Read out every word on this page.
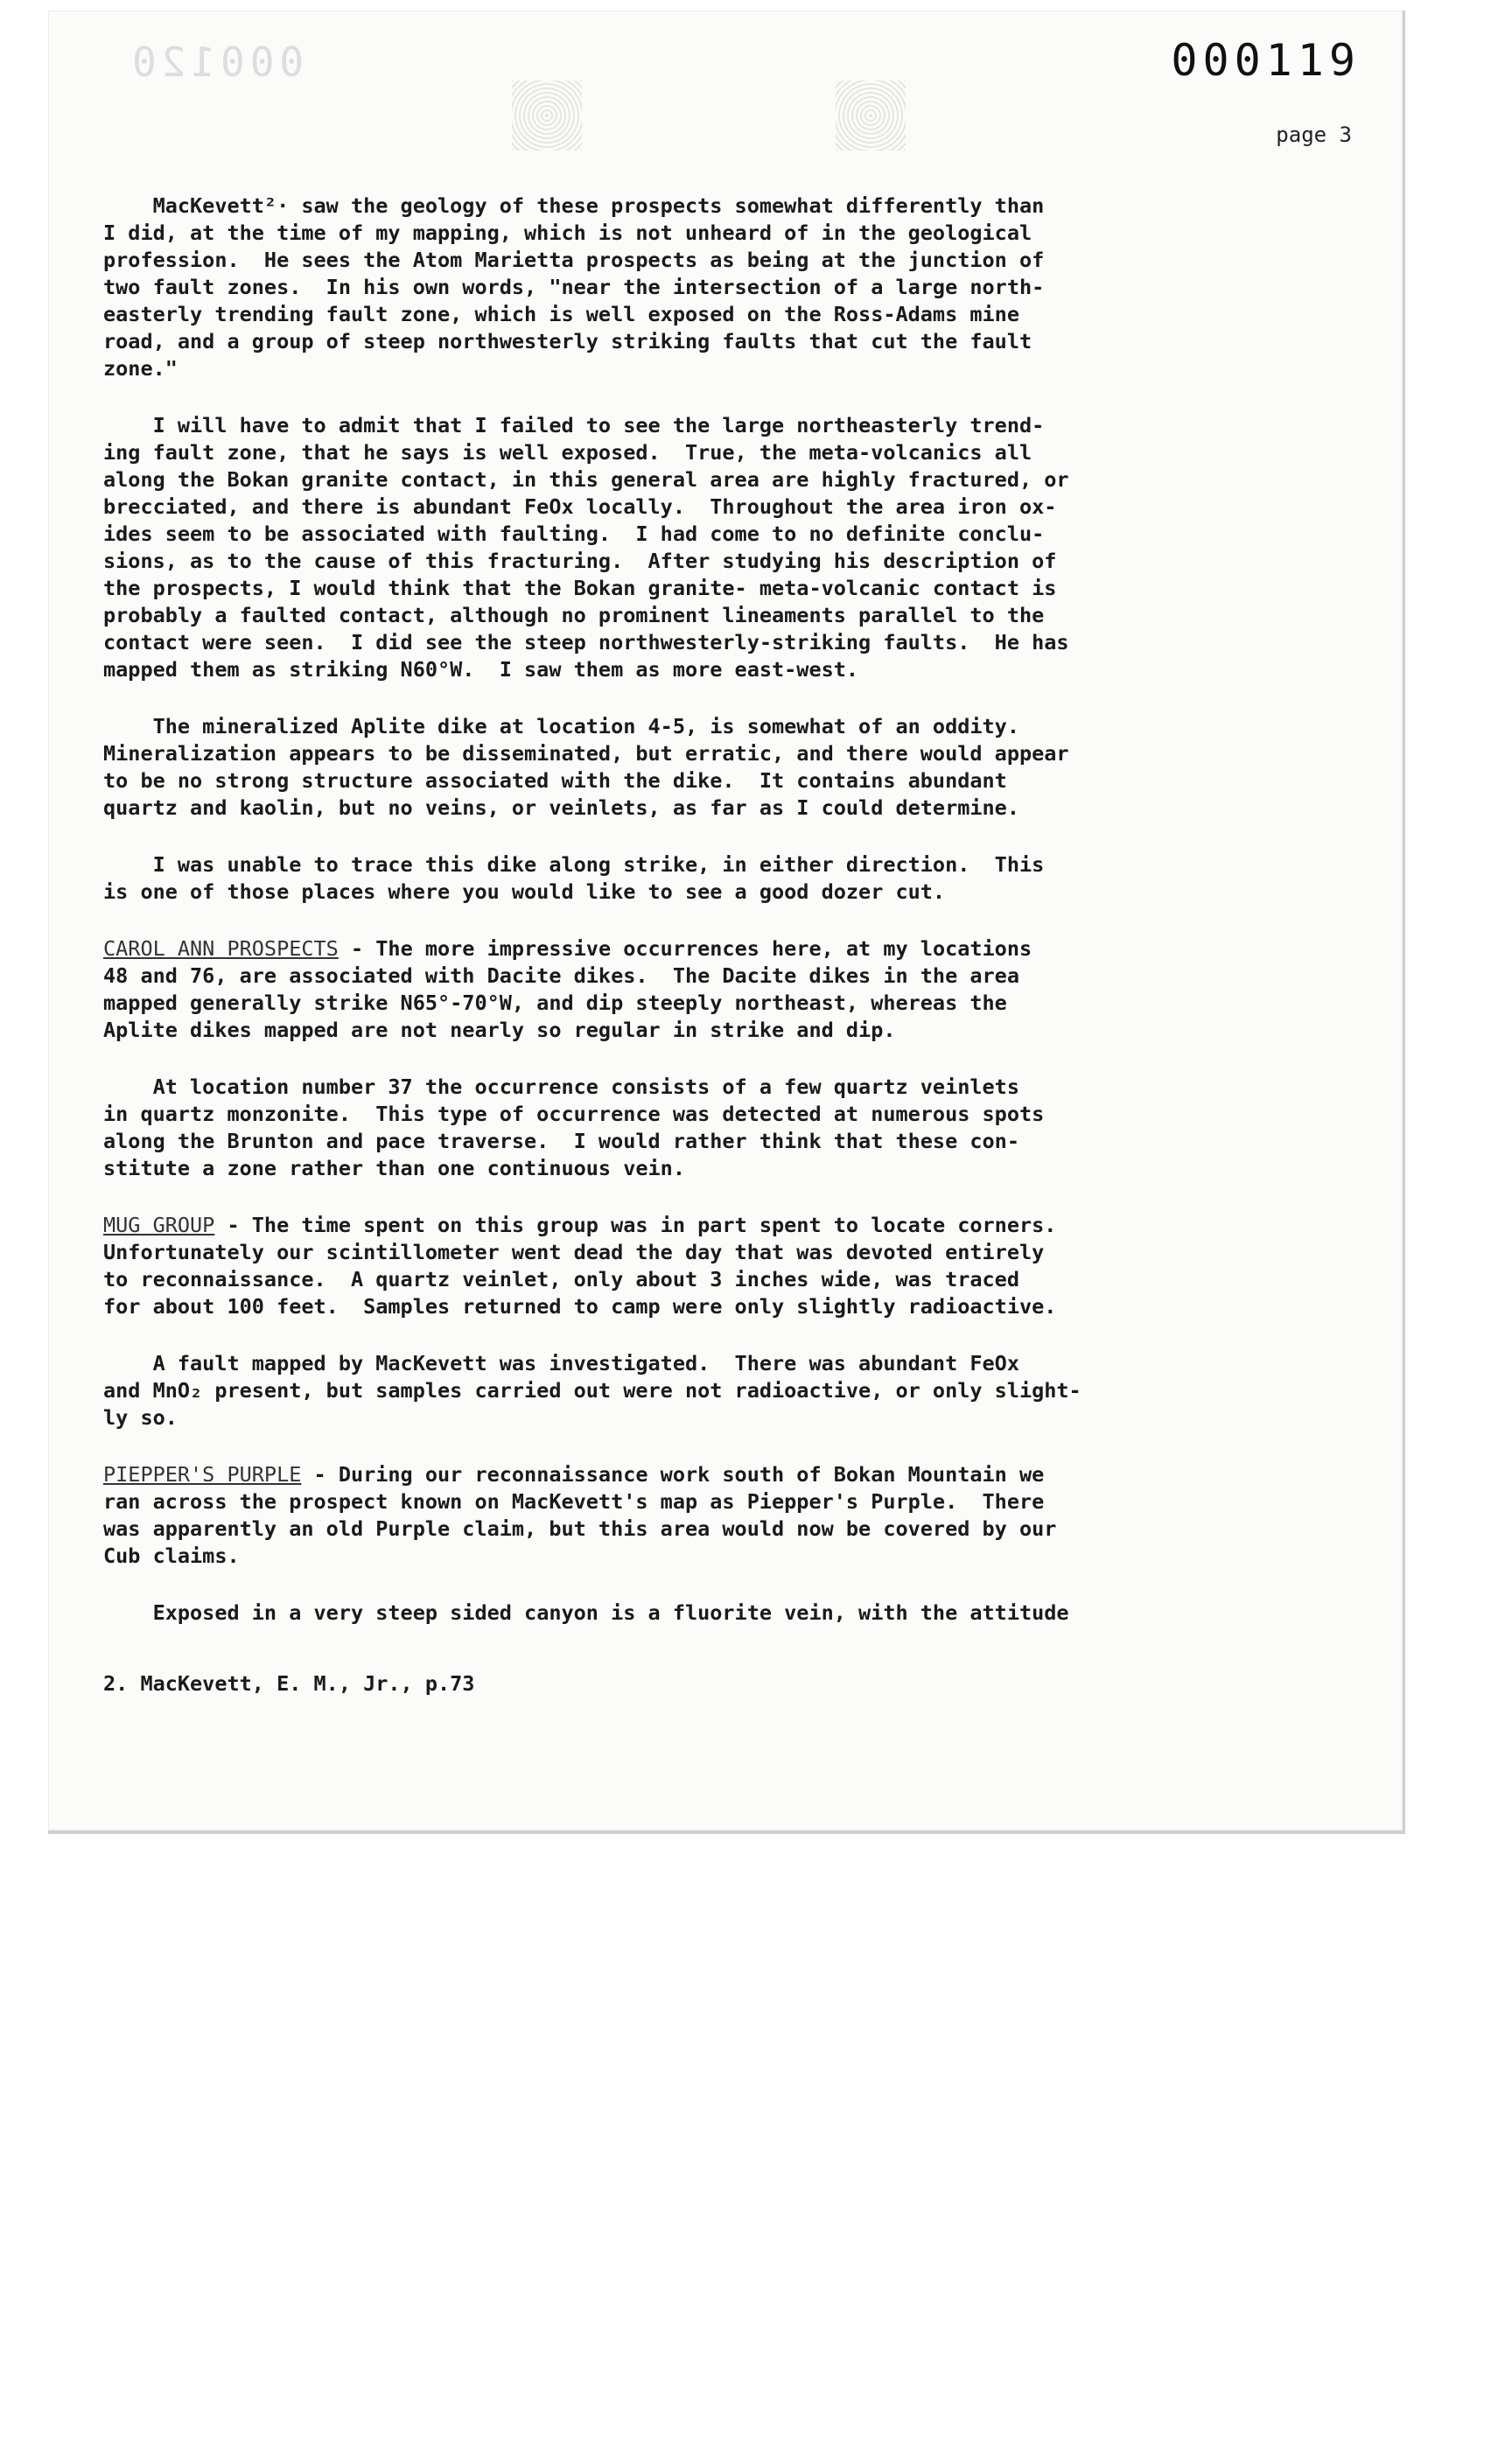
000120	000119
page 3
MacKevett²· saw the geology of these prospects somewhat differently than
I did, at the time of my mapping, which is not unheard of in the geological
profession.  He sees the Atom Marietta prospects as being at the junction of
two fault zones.  In his own words, "near the intersection of a large north-
easterly trending fault zone, which is well exposed on the Ross-Adams mine
road, and a group of steep northwesterly striking faults that cut the fault
zone."
I will have to admit that I failed to see the large northeasterly trend-
ing fault zone, that he says is well exposed.  True, the meta-volcanics all
along the Bokan granite contact, in this general area are highly fractured, or
brecciated, and there is abundant FeOx locally.  Throughout the area iron ox-
ides seem to be associated with faulting.  I had come to no definite conclu-
sions, as to the cause of this fracturing.  After studying his description of
the prospects, I would think that the Bokan granite- meta-volcanic contact is
probably a faulted contact, although no prominent lineaments parallel to the
contact were seen.  I did see the steep northwesterly-striking faults.  He has
mapped them as striking N60°W.  I saw them as more east-west.
The mineralized Aplite dike at location 4-5, is somewhat of an oddity.
Mineralization appears to be disseminated, but erratic, and there would appear
to be no strong structure associated with the dike.  It contains abundant
quartz and kaolin, but no veins, or veinlets, as far as I could determine.
I was unable to trace this dike along strike, in either direction.  This
is one of those places where you would like to see a good dozer cut.
CAROL ANN PROSPECTS - The more impressive occurrences here, at my locations
48 and 76, are associated with Dacite dikes.  The Dacite dikes in the area
mapped generally strike N65°-70°W, and dip steeply northeast, whereas the
Aplite dikes mapped are not nearly so regular in strike and dip.
At location number 37 the occurrence consists of a few quartz veinlets
in quartz monzonite.  This type of occurrence was detected at numerous spots
along the Brunton and pace traverse.  I would rather think that these con-
stitute a zone rather than one continuous vein.
MUG GROUP - The time spent on this group was in part spent to locate corners.
Unfortunately our scintillometer went dead the day that was devoted entirely
to reconnaissance.  A quartz veinlet, only about 3 inches wide, was traced
for about 100 feet.  Samples returned to camp were only slightly radioactive.
A fault mapped by MacKevett was investigated.  There was abundant FeOx
and MnO₂ present, but samples carried out were not radioactive, or only slight-
ly so.
PIEPPER'S PURPLE - During our reconnaissance work south of Bokan Mountain we
ran across the prospect known on MacKevett's map as Piepper's Purple.  There
was apparently an old Purple claim, but this area would now be covered by our
Cub claims.
Exposed in a very steep sided canyon is a fluorite vein, with the attitude
2. MacKevett, E. M., Jr., p.73
